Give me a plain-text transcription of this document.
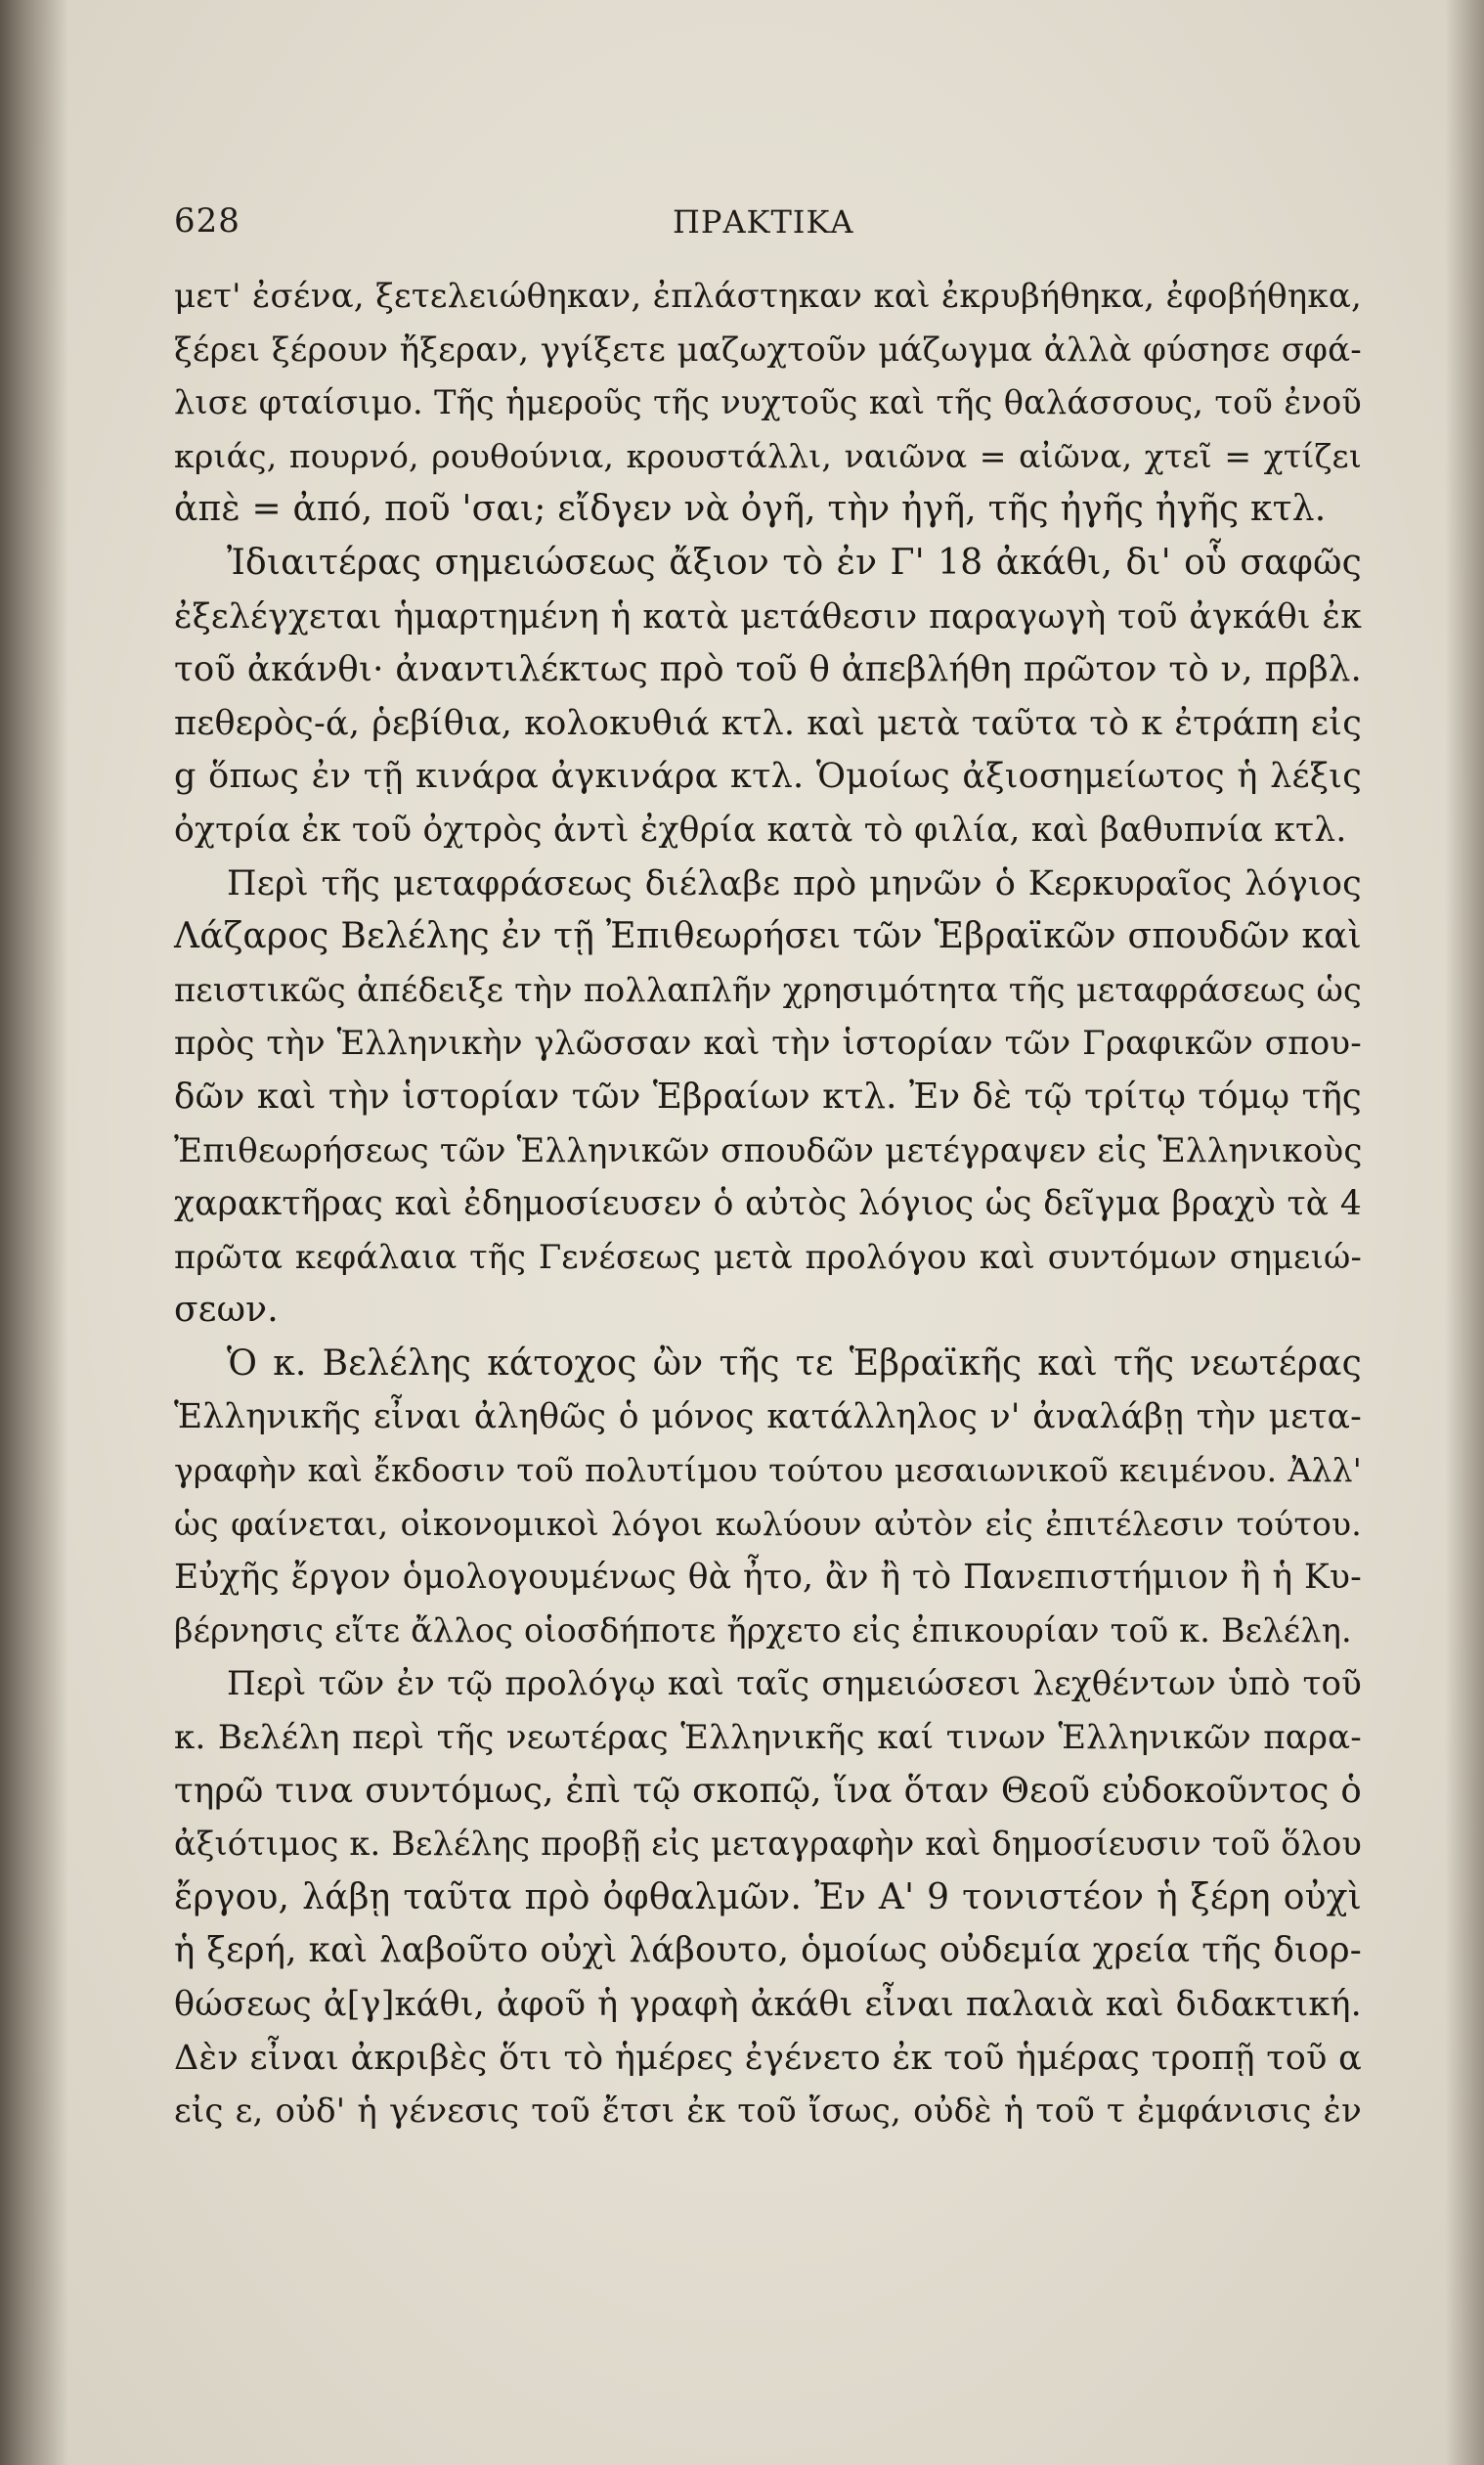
628	ΠΡΑΚΤΙΚΑ
μετ' ἐσένα, ξετελειώθηκαν, ἐπλάστηκαν καὶ ἐκρυβήθηκα, ἐφοβήθηκα,
ξέρει ξέρουν ἤξεραν, γγίξετε μαζωχτοῦν μάζωγμα ἀλλὰ φύσησε σφά-
λισε φταίσιμο. Τῆς ἡμεροῦς τῆς νυχτοῦς καὶ τῆς θαλάσσους, τοῦ ἐνοῦ
κριάς, πουρνό, ρουθούνια, κρουστάλλι, ναιῶνα = αἰῶνα, χτεῖ = χτίζει
ἀπὲ = ἀπό, ποῦ 'σαι; εἴδγεν νὰ ὀγῆ, τὴν ἠγῆ, τῆς ἠγῆς ἠγῆς κτλ.
Ἰδιαιτέρας σημειώσεως ἄξιον τὸ ἐν Γ' 18 ἀκάθι, δι' οὗ σαφῶς
ἐξελέγχεται ἡμαρτημένη ἡ κατὰ μετάθεσιν παραγωγὴ τοῦ ἀγκάθι ἐκ
τοῦ ἀκάνθι· ἀναντιλέκτως πρὸ τοῦ θ ἀπεβλήθη πρῶτον τὸ ν, πρβλ.
πεθερὸς-ά, ῥεβίθια, κολοκυθιά κτλ. καὶ μετὰ ταῦτα τὸ κ ἐτράπη εἰς
g ὅπως ἐν τῇ κινάρα ἀγκινάρα κτλ. Ὁμοίως ἀξιοσημείωτος ἡ λέξις
ὀχτρία ἐκ τοῦ ὀχτρὸς ἀντὶ ἐχθρία κατὰ τὸ φιλία, καὶ βαθυπνία κτλ.
Περὶ τῆς μεταφράσεως διέλαβε πρὸ μηνῶν ὁ Κερκυραῖος λόγιος
Λάζαρος Βελέλης ἐν τῇ Ἐπιθεωρήσει τῶν Ἑβραϊκῶν σπουδῶν καὶ
πειστικῶς ἀπέδειξε τὴν πολλαπλῆν χρησιμότητα τῆς μεταφράσεως ὡς
πρὸς τὴν Ἑλληνικὴν γλῶσσαν καὶ τὴν ἱστορίαν τῶν Γραφικῶν σπου-
δῶν καὶ τὴν ἱστορίαν τῶν Ἑβραίων κτλ. Ἐν δὲ τῷ τρίτῳ τόμῳ τῆς
Ἐπιθεωρήσεως τῶν Ἑλληνικῶν σπουδῶν μετέγραψεν εἰς Ἑλληνικοὺς
χαρακτῆρας καὶ ἐδημοσίευσεν ὁ αὐτὸς λόγιος ὡς δεῖγμα βραχὺ τὰ 4
πρῶτα κεφάλαια τῆς Γενέσεως μετὰ προλόγου καὶ συντόμων σημειώ-
σεων.
Ὁ κ. Βελέλης κάτοχος ὢν τῆς τε Ἑβραϊκῆς καὶ τῆς νεωτέρας
Ἑλληνικῆς εἶναι ἀληθῶς ὁ μόνος κατάλληλος ν' ἀναλάβῃ τὴν μετα-
γραφὴν καὶ ἔκδοσιν τοῦ πολυτίμου τούτου μεσαιωνικοῦ κειμένου. Ἀλλ'
ὡς φαίνεται, οἰκονομικοὶ λόγοι κωλύουν αὐτὸν εἰς ἐπιτέλεσιν τούτου.
Εὐχῆς ἔργον ὁμολογουμένως θὰ ἦτο, ἂν ἢ τὸ Πανεπιστήμιον ἢ ἡ Κυ-
βέρνησις εἴτε ἄλλος οἱοσδήποτε ἤρχετο εἰς ἐπικουρίαν τοῦ κ. Βελέλη.
Περὶ τῶν ἐν τῷ προλόγῳ καὶ ταῖς σημειώσεσι λεχθέντων ὑπὸ τοῦ
κ. Βελέλη περὶ τῆς νεωτέρας Ἑλληνικῆς καί τινων Ἑλληνικῶν παρα-
τηρῶ τινα συντόμως, ἐπὶ τῷ σκοπῷ, ἵνα ὅταν Θεοῦ εὐδοκοῦντος ὁ
ἀξιότιμος κ. Βελέλης προβῇ εἰς μεταγραφὴν καὶ δημοσίευσιν τοῦ ὅλου
ἔργου, λάβῃ ταῦτα πρὸ ὀφθαλμῶν. Ἐν Α' 9 τονιστέον ἡ ξέρη οὐχὶ
ἡ ξερή, καὶ λαβοῦτο οὐχὶ λάβουτο, ὁμοίως οὐδεμία χρεία τῆς διορ-
θώσεως ἀ[γ]κάθι, ἀφοῦ ἡ γραφὴ ἀκάθι εἶναι παλαιὰ καὶ διδακτική.
Δὲν εἶναι ἀκριβὲς ὅτι τὸ ἡμέρες ἐγένετο ἐκ τοῦ ἡμέρας τροπῇ τοῦ α
εἰς ε, οὐδ' ἡ γένεσις τοῦ ἔτσι ἐκ τοῦ ἴσως, οὐδὲ ἡ τοῦ τ ἐμφάνισις ἐν
